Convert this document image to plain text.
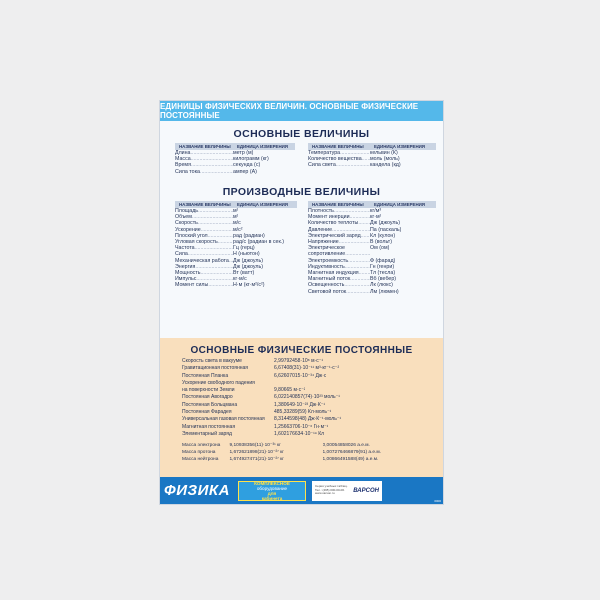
ЕДИНИЦЫ ФИЗИЧЕСКИХ ВЕЛИЧИН. ОСНОВНЫЕ ФИЗИЧЕСКИЕ ПОСТОЯННЫЕ
ОСНОВНЫЕ ВЕЛИЧИНЫ
НАЗВАНИЕ ВЕЛИЧИНЫ	ЕДИНИЦА ИЗМЕРЕНИЯ
Длина .....	метр (м)
Масса .....	килограмм (кг)
Время .....	секунда (с)
Сила тока .....	ампер (А)
НАЗВАНИЕ ВЕЛИЧИНЫ	ЕДИНИЦА ИЗМЕРЕНИЯ
Температура .....	кельвин (К)
Количество вещества .....	моль (моль)
Сила света .....	кандела (кд)
ПРОИЗВОДНЫЕ ВЕЛИЧИНЫ
НАЗВАНИЕ ВЕЛИЧИНЫ	ЕДИНИЦА ИЗМЕРЕНИЯ
Площадь .....	м²
Объем .....	м³
Скорость .....	м/с
Ускорение .....	м/с²
Плоский угол .....	рад (радиан)
Угловая скорость .....	рад/с (радиан в сек.)
Частота .....	Гц (герц)
Сила .....	Н (ньютон)
Механическая работа ..... Дж (джоуль)
Энергия .....	Дж (джоуль)
Мощность .....	Вт (ватт)
Импульс .....	кг·м/с
Момент силы .....	Н·м (кг·м²/с²)
НАЗВАНИЕ ВЕЛИЧИНЫ	ЕДИНИЦА ИЗМЕРЕНИЯ
Плотность .....	кг/м³
Момент инерции .....	кг·м²
Количество теплоты .....	Дж (джоуль)
Давление .....	Па (паскаль)
Электрический заряд .....	Кл (кулон)
Напряжение .....	В (вольт)
Электрическое сопротивление .....
Ом (ом)
Электроемкость .....	Ф (фарад)
Индуктивность .....	Гн (генри)
Магнитная индукция .....	Тл (тесла)
Магнитный поток .....	Вб (вебер)
Освещенность .....	Лк (люкс)
Световой поток .....	Лм (люмен)
ОСНОВНЫЕ ФИЗИЧЕСКИЕ ПОСТОЯННЫЕ
Скорость света в вакууме	2,99792458·10⁸ м·с⁻¹
Гравитационная постоянная	6,67408(31)·10⁻¹¹ м³·кг⁻¹·с⁻²
Постоянная Планка	6,62607015·10⁻³⁴ Дж·с
Ускорение свободного падения
на поверхности Земли	9,80665 м·с⁻²
Постоянная Авогадро	6,022140857(74)·10²³ моль⁻¹
Постоянная Больцмана	1,380649·10⁻²³ Дж·К⁻¹
Постоянная Фарадея	485,33289(59) Кл·моль⁻¹
Универсальная газовая постоянная	8,3144598(48) Дж·К⁻¹·моль⁻¹
Магнитная постоянная	1,25663706·10⁻⁶ Гн·м⁻¹
Элементарный заряд	1,602176634·10⁻¹⁹ Кл
Масса электрона	9,10938356(11)·10⁻³¹ кг	0,00054858026 а.е.м.
Масса протона	1,672621898(21)·10⁻²⁷ кг	1,007276466879(91) а.е.м.
Масса нейтрона	1,674927471(21)·10⁻²⁷ кг	1,00866491588(49) а.е.м.
ФИЗИКА	КОМПЛЕКСНОЕ
оборудование
для
кабинета
Серия учебных таблиц. Тел.: (495) 000-00-00. www.varson.ru	ВАРСОН
0000
